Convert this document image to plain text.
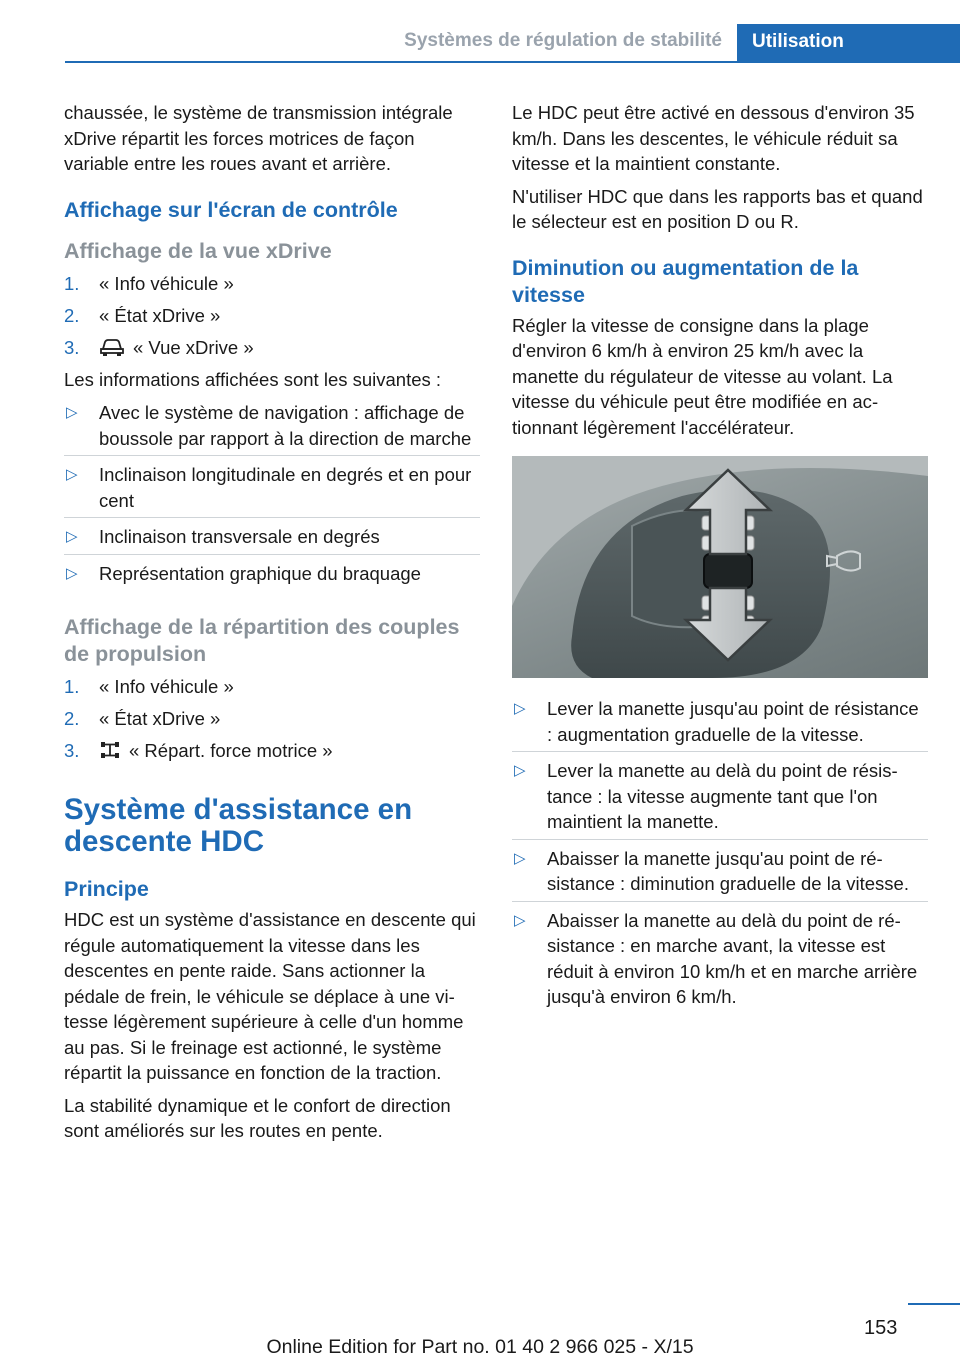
Systèmes de régulation de stabilité	Utilisation

chaussée, le système de transmission intégrale xDrive répartit les forces motrices de façon variable entre les roues avant et arrière.

Affichage sur l'écran de contrôle
Affichage de la vue xDrive
1. « Info véhicule »
2. « État xDrive »
3.	« Vue xDrive »

Les informations affichées sont les suivantes :

▷ Avec le système de navigation : affichage de boussole par rapport à la direction de marche
▷ Inclinaison longitudinale en degrés et en pour cent
▷ Inclinaison transversale en degrés
▷ Représentation graphique du braquage
Affichage de la répartition des couples de propulsion
1. « Info véhicule »
2. « État xDrive »
3.	« Répart. force motrice »
Système d'assistance en descente HDC
Principe

HDC est un système d'assistance en descente qui régule automatiquement la vitesse dans les descentes en pente raide. Sans actionner la pédale de frein, le véhicule se déplace à une vitesse légèrement supérieure à celle d'un homme au pas. Si le freinage est actionné, le système répartit la puissance en fonction de la traction.

La stabilité dynamique et le confort de direction sont améliorés sur les routes en pente.

Le HDC peut être activé en dessous d'environ 35 km/h. Dans les descentes, le véhicule réduit sa vitesse et la maintient constante.

N'utiliser HDC que dans les rapports bas et quand le sélecteur est en position D ou R.

Diminution ou augmentation de la vitesse

Régler la vitesse de consigne dans la plage d'environ 6 km/h à environ 25 km/h avec la manette du régulateur de vitesse au volant. La vitesse du véhicule peut être modifiée en actionnant légèrement l'accélérateur.

▷ Lever la manette jusqu'au point de résistance : augmentation graduelle de la vitesse.
▷ Lever la manette au delà du point de résistance : la vitesse augmente tant que l'on maintient la manette.
▷ Abaisser la manette jusqu'au point de résistance : diminution graduelle de la vitesse.
▷ Abaisser la manette au delà du point de résistance : en marche avant, la vitesse est réduit à environ 10 km/h et en marche arrière jusqu'à environ 6 km/h.
153
Online Edition for Part no. 01 40 2 966 025 - X/15
